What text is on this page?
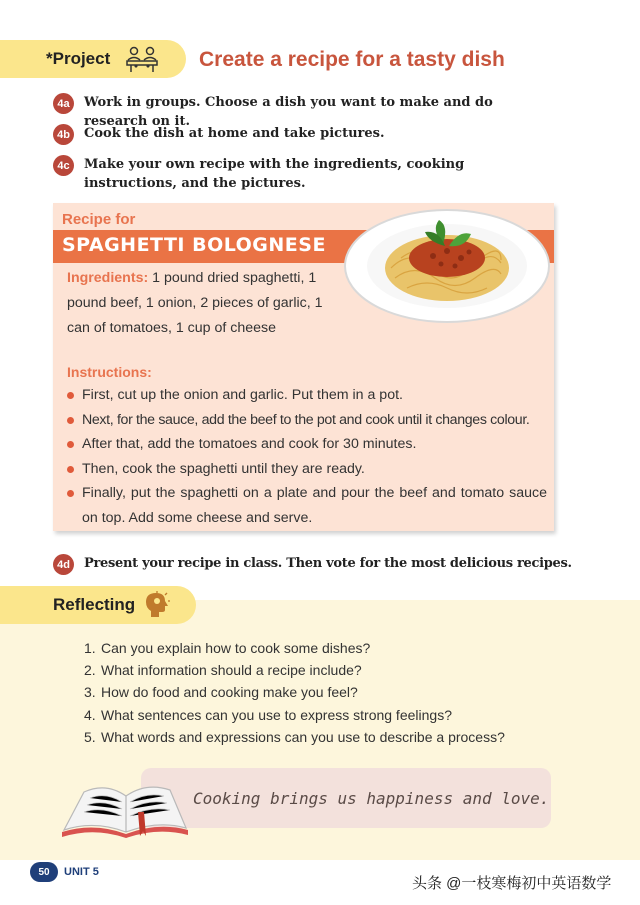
*Project	Create a recipe for a tasty dish
4a	Work in groups. Choose a dish you want to make and do research on it.
4b	Cook the dish at home and take pictures.
4c	Make your own recipe with the ingredients, cooking instructions, and the pictures.
Recipe for
SPAGHETTI BOLOGNESE
Ingredients: 1 pound dried spaghetti, 1 pound beef, 1 onion, 2 pieces of garlic, 1 can of tomatoes, 1 cup of cheese
Instructions:
First, cut up the onion and garlic. Put them in a pot.
Next, for the sauce, add the beef to the pot and cook until it changes colour.
After that, add the tomatoes and cook for 30 minutes.
Then, cook the spaghetti until they are ready.
Finally, put the spaghetti on a plate and pour the beef and tomato sauce on top. Add some cheese and serve.
4d	Present your recipe in class. Then vote for the most delicious recipes.
Reflecting
1. Can you explain how to cook some dishes?
2. What information should a recipe include?
3. How do food and cooking make you feel?
4. What sentences can you use to express strong feelings?
5. What words and expressions can you use to describe a process?
Cooking brings us happiness and love.
50	UNIT 5
头条 @一枝寒梅初中英语数学
